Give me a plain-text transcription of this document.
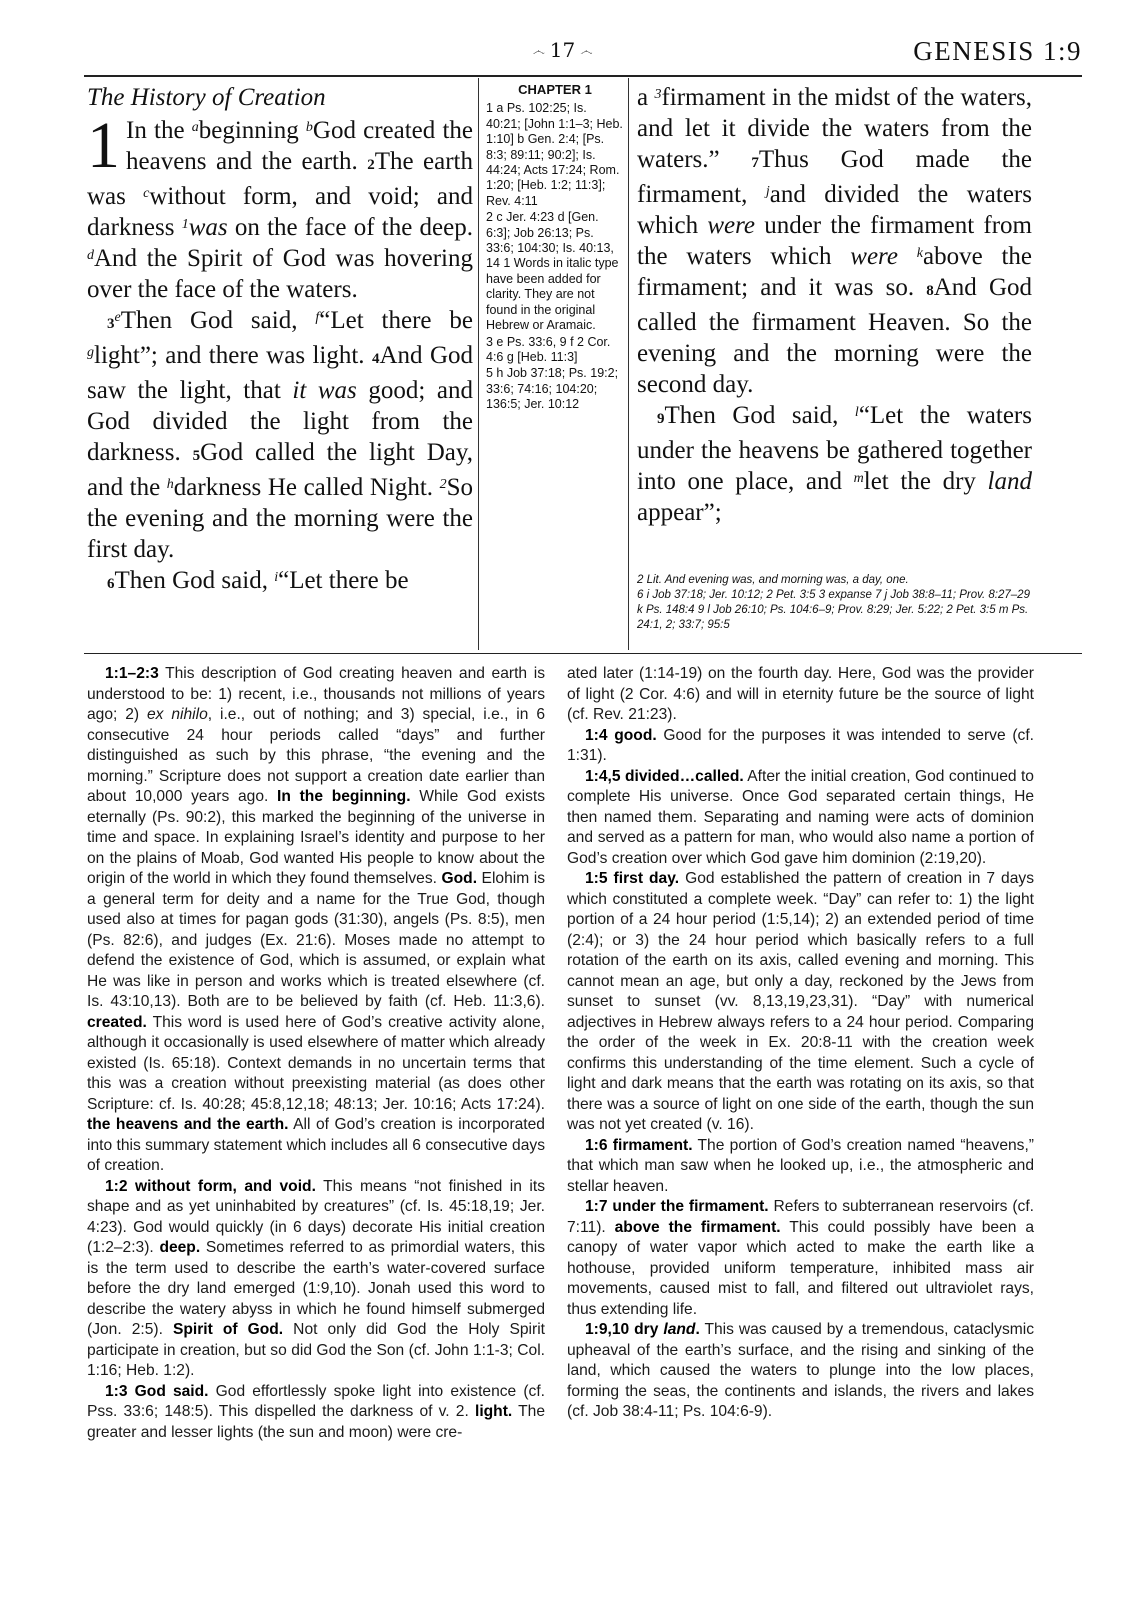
෴ 17 ෴	GENESIS 1:9
The History of Creation

1 In the $^a$beginning $^b$God created the heavens and the earth. 2The earth was $^c$without form, and void; and darkness $^1$was on the face of the deep. $^d$And the Spirit of God was hovering over the face of the waters.

3eThen God said, $^f$“Let there be $^g$light”; and there was light. 4And God saw the light, that it was good; and God divided the light from the darkness. 5God called the light Day, and the $^h$darkness He called Night. $^2$So the evening and the morning were the first day.

6Then God said, $^i$“Let there be

CHAPTER 1
1 a Ps. 102:25; Is. 40:21; [John 1:1–3; Heb. 1:10] b Gen. 2:4; [Ps. 8:3; 89:11; 90:2]; Is. 44:24; Acts 17:24; Rom. 1:20; [Heb. 1:2; 11:3]; Rev. 4:11
2 c Jer. 4:23 d [Gen. 6:3]; Job 26:13; Ps. 33:6; 104:30; Is. 40:13, 14 1 Words in italic type have been added for clarity. They are not found in the original Hebrew or Aramaic.
3 e Ps. 33:6, 9 f 2 Cor. 4:6 g [Heb. 11:3]
5 h Job 37:18; Ps. 19:2; 33:6; 74:16; 104:20; 136:5; Jer. 10:12

a $^3$firmament in the midst of the waters, and let it divide the waters from the waters.” 7Thus God made the firmament, $^j$and divided the waters which were under the firmament from the waters which were $^k$above the firmament; and it was so. 8And God called the firmament Heaven. So the evening and the morning were the second day.

9Then God said, $^l$“Let the waters under the heavens be gathered together into one place, and $^m$let the dry land appear”;

2 Lit. And evening was, and morning was, a day, one.

6 i Job 37:18; Jer. 10:12; 2 Pet. 3:5 3 expanse 7 j Job 38:8–11; Prov. 8:27–29 k Ps. 148:4 9 l Job 26:10; Ps. 104:6–9; Prov. 8:29; Jer. 5:22; 2 Pet. 3:5 m Ps. 24:1, 2; 33:7; 95:5

1:1–2:3 This description of God creating heaven and earth is understood to be: 1) recent, i.e., thousands not millions of years ago; 2) ex nihilo, i.e., out of nothing; and 3) special, i.e., in 6 consecutive 24 hour periods called “days” and further distinguished as such by this phrase, “the evening and the morning.” Scripture does not support a creation date earlier than about 10,000 years ago. In the beginning. While God exists eternally (Ps. 90:2), this marked the beginning of the universe in time and space. In explaining Israel’s identity and purpose to her on the plains of Moab, God wanted His people to know about the origin of the world in which they found themselves. God. Elohim is a general term for deity and a name for the True God, though used also at times for pagan gods (31:30), angels (Ps. 8:5), men (Ps. 82:6), and judges (Ex. 21:6). Moses made no attempt to defend the existence of God, which is assumed, or explain what He was like in person and works which is treated elsewhere (cf. Is. 43:10,13). Both are to be believed by faith (cf. Heb. 11:3,6). created. This word is used here of God’s creative activity alone, although it occasionally is used elsewhere of matter which already existed (Is. 65:18). Context demands in no uncertain terms that this was a creation without preexisting material (as does other Scripture: cf. Is. 40:28; 45:8,12,18; 48:13; Jer. 10:16; Acts 17:24). the heavens and the earth. All of God’s creation is incorporated into this summary statement which includes all 6 consecutive days of creation.

1:2 without form, and void. This means “not finished in its shape and as yet uninhabited by creatures” (cf. Is. 45:18,19; Jer. 4:23). God would quickly (in 6 days) decorate His initial creation (1:2–2:3). deep. Sometimes referred to as primordial waters, this is the term used to describe the earth’s water-covered surface before the dry land emerged (1:9,10). Jonah used this word to describe the watery abyss in which he found himself submerged (Jon. 2:5). Spirit of God. Not only did God the Holy Spirit participate in creation, but so did God the Son (cf. John 1:1-3; Col. 1:16; Heb. 1:2).

1:3 God said. God effortlessly spoke light into existence (cf. Pss. 33:6; 148:5). This dispelled the darkness of v. 2. light. The greater and lesser lights (the sun and moon) were cre-

ated later (1:14-19) on the fourth day. Here, God was the provider of light (2 Cor. 4:6) and will in eternity future be the source of light (cf. Rev. 21:23).

1:4 good. Good for the purposes it was intended to serve (cf. 1:31).

1:4,5 divided…called. After the initial creation, God continued to complete His universe. Once God separated certain things, He then named them. Separating and naming were acts of dominion and served as a pattern for man, who would also name a portion of God’s creation over which God gave him dominion (2:19,20).

1:5 first day. God established the pattern of creation in 7 days which constituted a complete week. “Day” can refer to: 1) the light portion of a 24 hour period (1:5,14); 2) an extended period of time (2:4); or 3) the 24 hour period which basically refers to a full rotation of the earth on its axis, called evening and morning. This cannot mean an age, but only a day, reckoned by the Jews from sunset to sunset (vv. 8,13,19,23,31). “Day” with numerical adjectives in Hebrew always refers to a 24 hour period. Comparing the order of the week in Ex. 20:8-11 with the creation week confirms this understanding of the time element. Such a cycle of light and dark means that the earth was rotating on its axis, so that there was a source of light on one side of the earth, though the sun was not yet created (v. 16).

1:6 firmament. The portion of God’s creation named “heavens,” that which man saw when he looked up, i.e., the atmospheric and stellar heaven.

1:7 under the firmament. Refers to subterranean reservoirs (cf. 7:11). above the firmament. This could possibly have been a canopy of water vapor which acted to make the earth like a hothouse, provided uniform temperature, inhibited mass air movements, caused mist to fall, and filtered out ultraviolet rays, thus extending life.

1:9,10 dry land. This was caused by a tremendous, cataclysmic upheaval of the earth’s surface, and the rising and sinking of the land, which caused the waters to plunge into the low places, forming the seas, the continents and islands, the rivers and lakes (cf. Job 38:4-11; Ps. 104:6-9).
